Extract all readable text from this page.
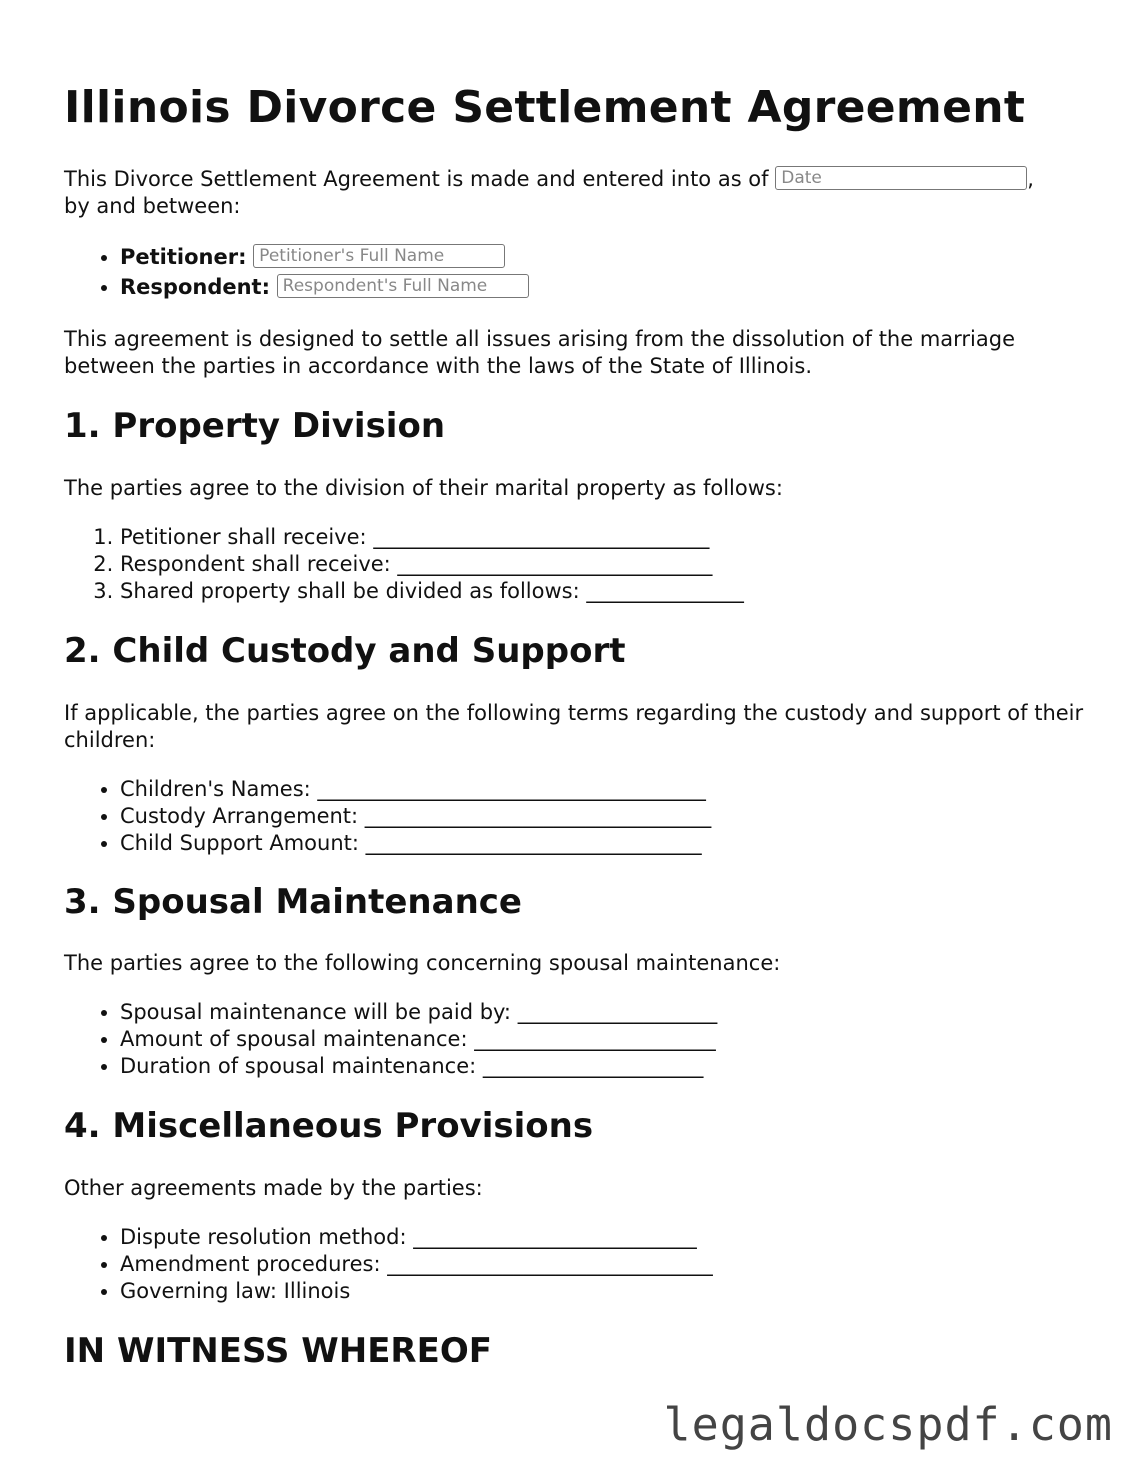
Illinois Divorce Settlement Agreement

This Divorce Settlement Agreement is made and entered into as of Date	,
by and between:

• Petitioner: Petitioner's Full Name
• Respondent: Respondent's Full Name

This agreement is designed to settle all issues arising from the dissolution of the marriage between the parties in accordance with the laws of the State of Illinois.

1. Property Division

The parties agree to the division of their marital property as follows:

1. Petitioner shall receive: ________________________________
2. Respondent shall receive: ______________________________
3. Shared property shall be divided as follows: _______________
2. Child Custody and Support

If applicable, the parties agree on the following terms regarding the custody and support of their children:

• Children's Names: _____________________________________
• Custody Arrangement: _________________________________
• Child Support Amount: ________________________________
3. Spousal Maintenance

The parties agree to the following concerning spousal maintenance:

• Spousal maintenance will be paid by: ___________________
• Amount of spousal maintenance: _______________________
• Duration of spousal maintenance: _____________________
4. Miscellaneous Provisions

Other agreements made by the parties:

• Dispute resolution method: ___________________________
• Amendment procedures: _______________________________
• Governing law: Illinois
IN WITNESS WHEREOF
legaldocspdf.com
